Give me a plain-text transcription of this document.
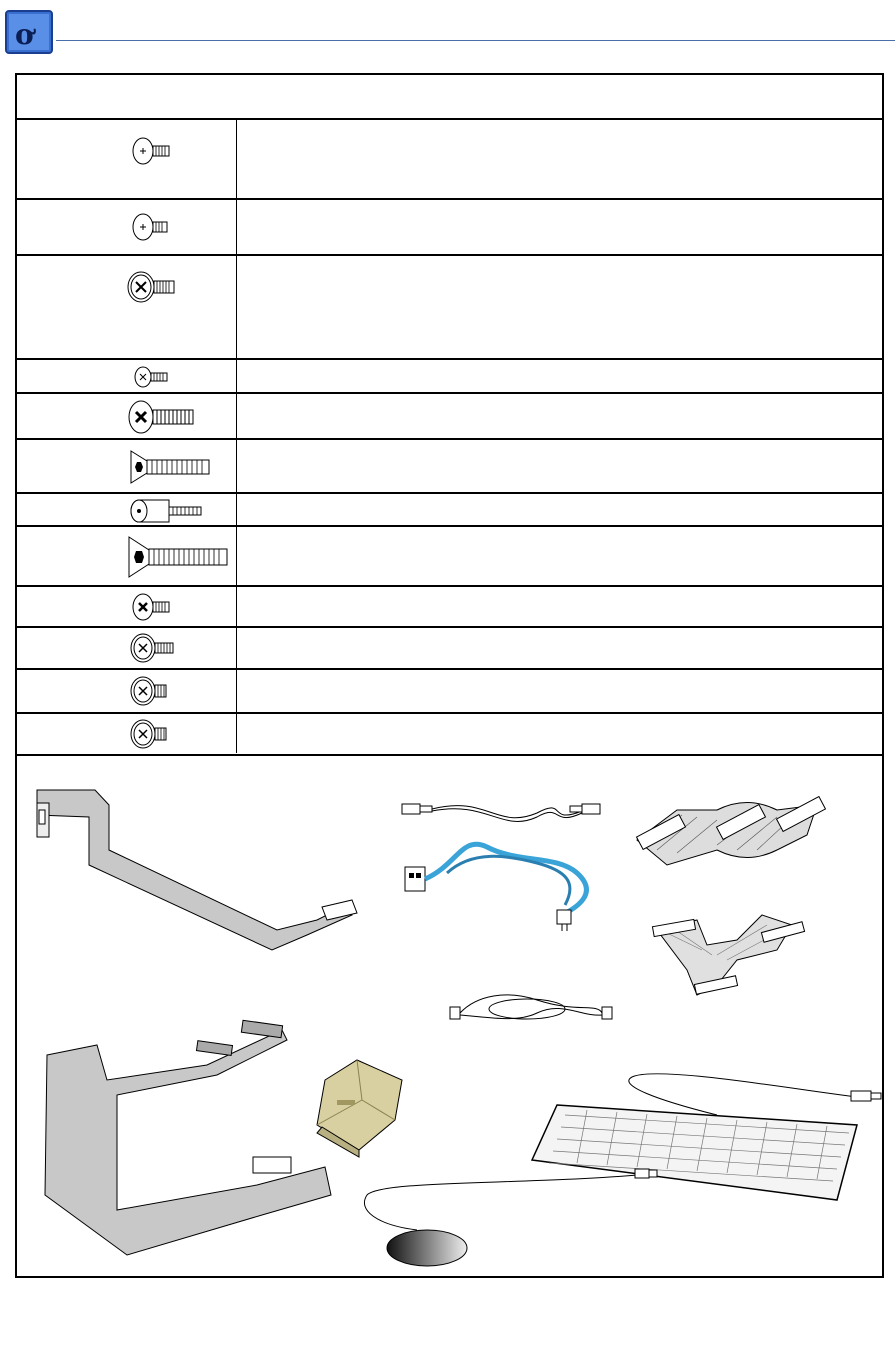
ơ
